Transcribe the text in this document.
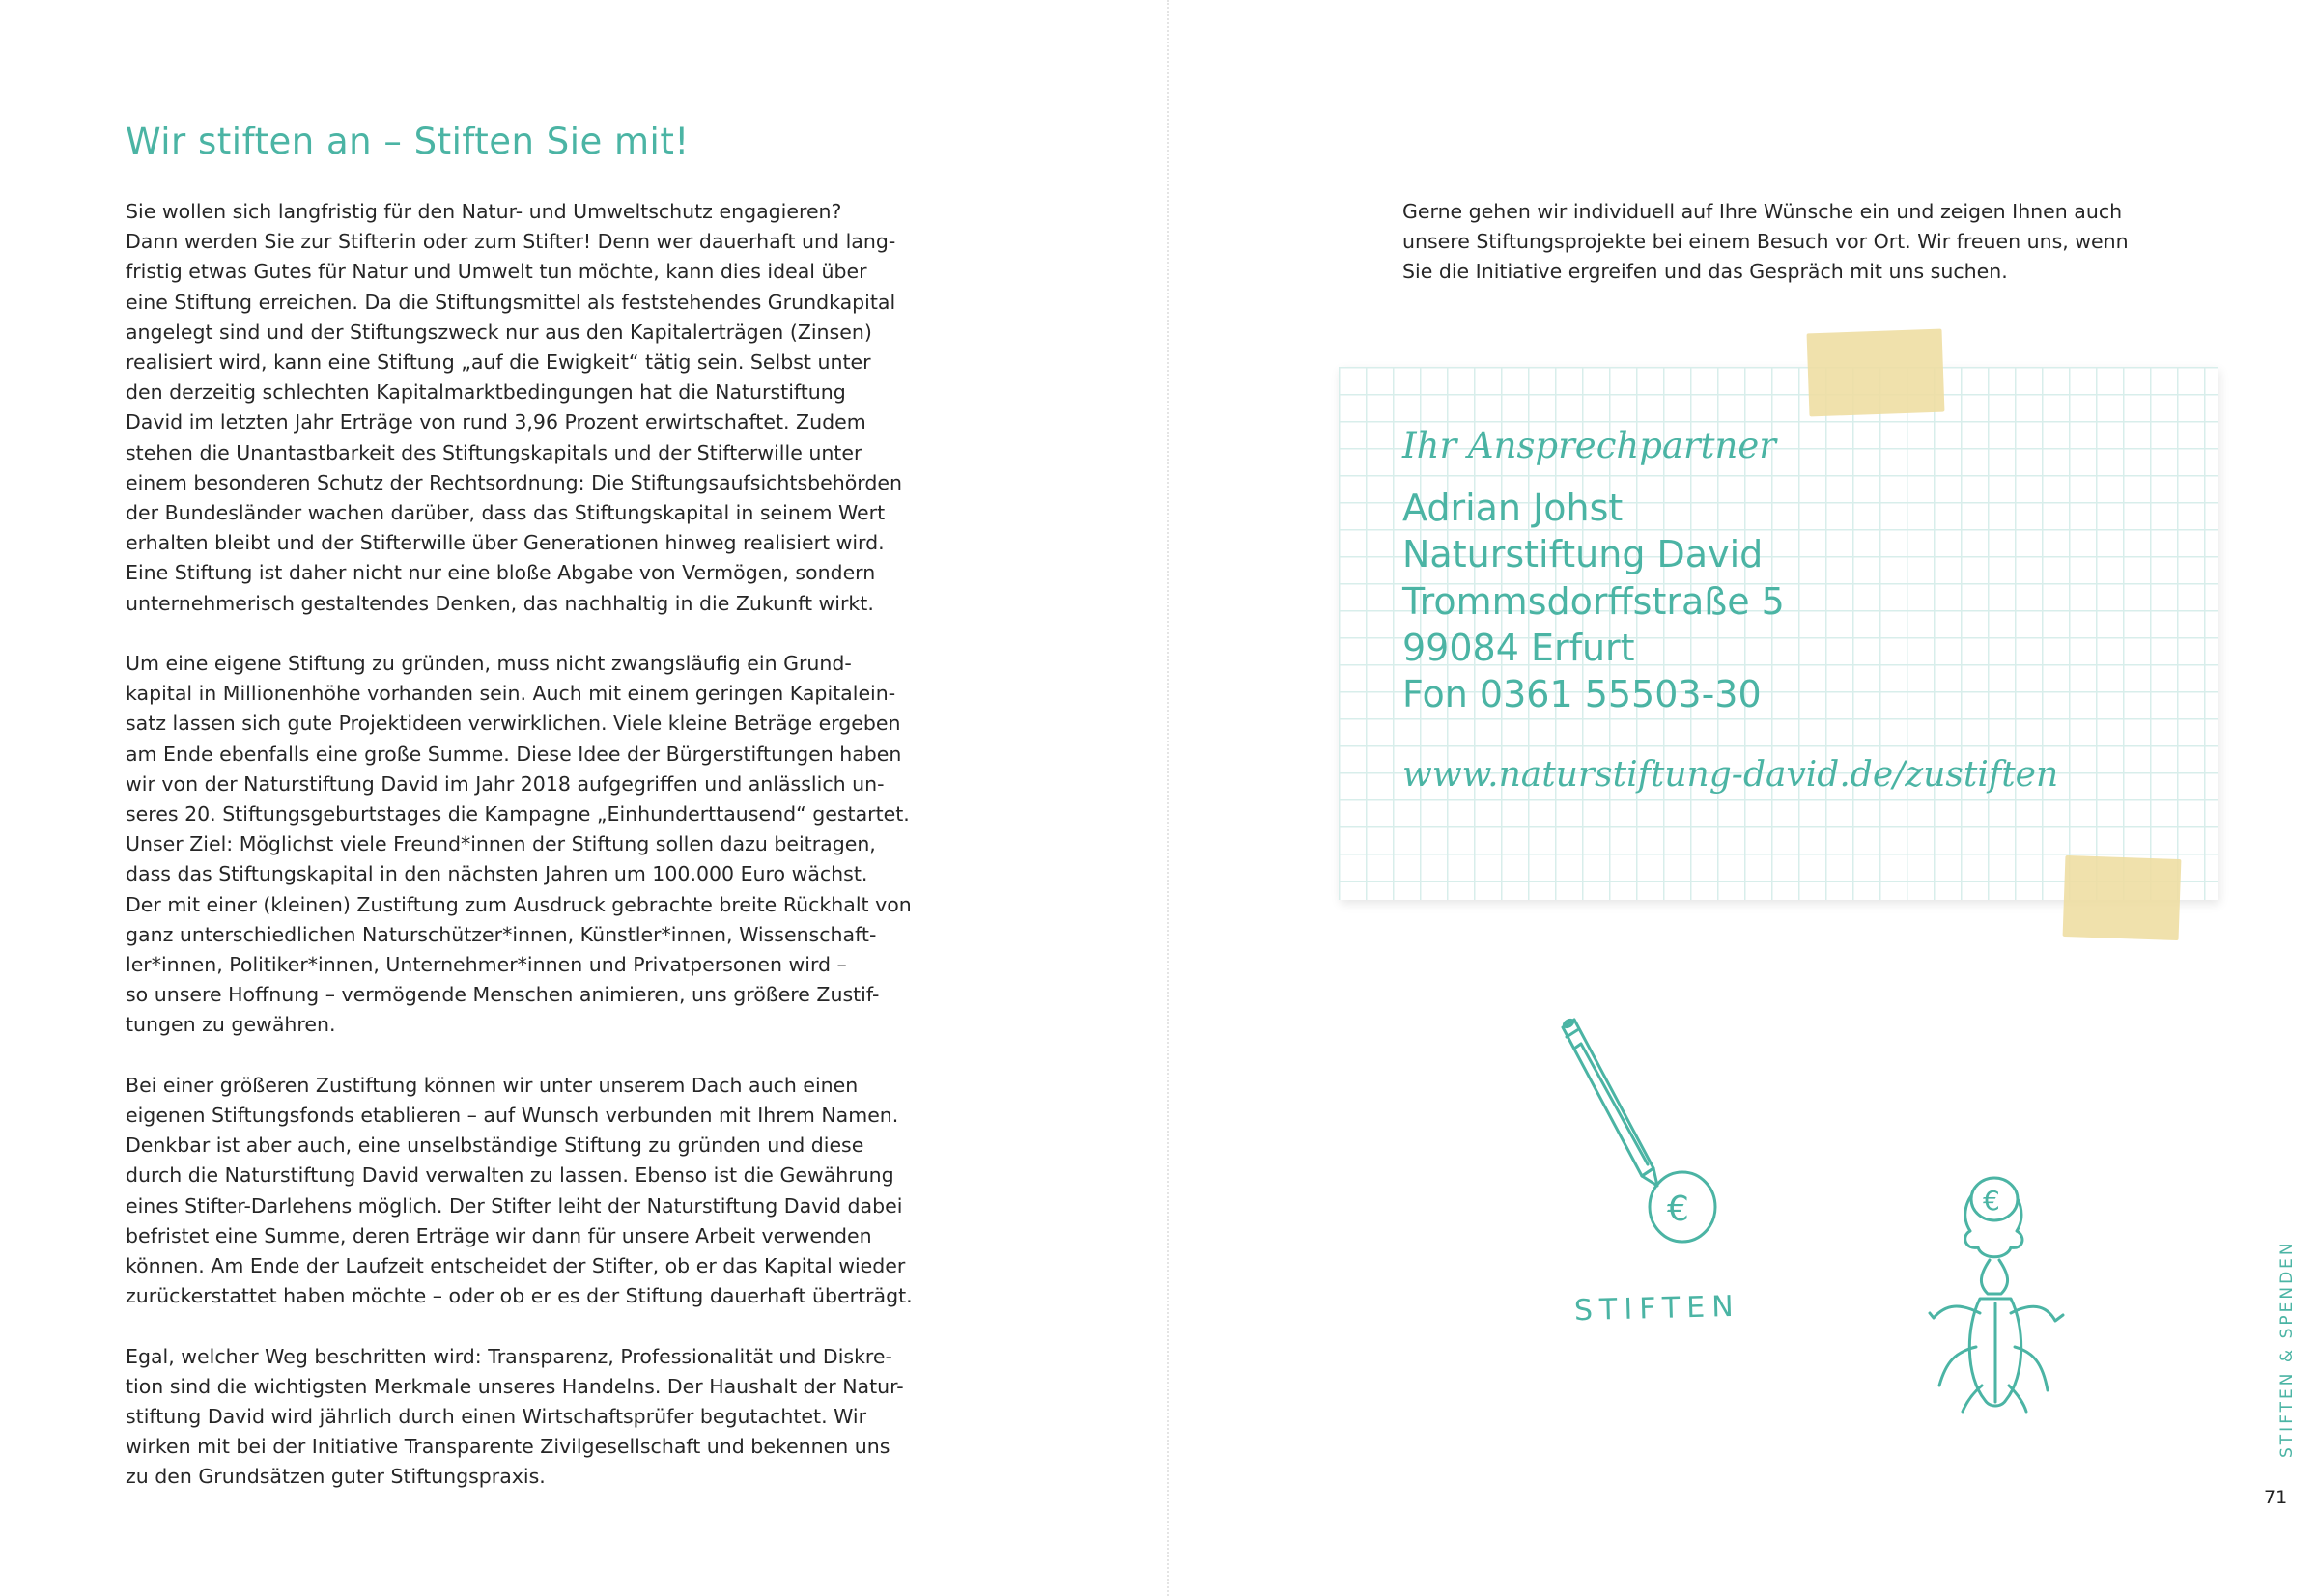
Wir stiften an – Stiften Sie mit!

Sie wollen sich langfristig für den Natur- und Umweltschutz engagieren?
Dann werden Sie zur Stifterin oder zum Stifter! Denn wer dauerhaft und lang-
fristig etwas Gutes für Natur und Umwelt tun möchte, kann dies ideal über
eine Stiftung erreichen. Da die Stiftungsmittel als feststehendes Grundkapital
angelegt sind und der Stiftungszweck nur aus den Kapitalerträgen (Zinsen)
realisiert wird, kann eine Stiftung „auf die Ewigkeit“ tätig sein. Selbst unter
den derzeitig schlechten Kapitalmarktbedingungen hat die Naturstiftung
David im letzten Jahr Erträge von rund 3,96 Prozent erwirtschaftet. Zudem
stehen die Unantastbarkeit des Stiftungskapitals und der Stifterwille unter
einem besonderen Schutz der Rechtsordnung: Die Stiftungsaufsichtsbehörden
der Bundesländer wachen darüber, dass das Stiftungskapital in seinem Wert
erhalten bleibt und der Stifterwille über Generationen hinweg realisiert wird.
Eine Stiftung ist daher nicht nur eine bloße Abgabe von Vermögen, sondern
unternehmerisch gestaltendes Denken, das nachhaltig in die Zukunft wirkt.

Um eine eigene Stiftung zu gründen, muss nicht zwangsläufig ein Grund-
kapital in Millionenhöhe vorhanden sein. Auch mit einem geringen Kapitalein-
satz lassen sich gute Projektideen verwirklichen. Viele kleine Beträge ergeben
am Ende ebenfalls eine große Summe. Diese Idee der Bürgerstiftungen haben
wir von der Naturstiftung David im Jahr 2018 aufgegriffen und anlässlich un-
seres 20. Stiftungsgeburtstages die Kampagne „Einhunderttausend“ gestartet.
Unser Ziel: Möglichst viele Freund*innen der Stiftung sollen dazu beitragen,
dass das Stiftungskapital in den nächsten Jahren um 100.000 Euro wächst.
Der mit einer (kleinen) Zustiftung zum Ausdruck gebrachte breite Rückhalt von
ganz unterschiedlichen Naturschützer*innen, Künstler*innen, Wissenschaft-
ler*innen, Politiker*innen, Unternehmer*innen und Privatpersonen wird –
so unsere Hoffnung – vermögende Menschen animieren, uns größere Zustif-
tungen zu gewähren.

Bei einer größeren Zustiftung können wir unter unserem Dach auch einen
eigenen Stiftungsfonds etablieren – auf Wunsch verbunden mit Ihrem Namen.
Denkbar ist aber auch, eine unselbständige Stiftung zu gründen und diese
durch die Naturstiftung David verwalten zu lassen. Ebenso ist die Gewährung
eines Stifter-Darlehens möglich. Der Stifter leiht der Naturstiftung David dabei
befristet eine Summe, deren Erträge wir dann für unsere Arbeit verwenden
können. Am Ende der Laufzeit entscheidet der Stifter, ob er das Kapital wieder
zurückerstattet haben möchte – oder ob er es der Stiftung dauerhaft überträgt.

Egal, welcher Weg beschritten wird: Transparenz, Professionalität und Diskre-
tion sind die wichtigsten Merkmale unseres Handelns. Der Haushalt der Natur-
stiftung David wird jährlich durch einen Wirtschaftsprüfer begutachtet. Wir
wirken mit bei der Initiative Transparente Zivilgesellschaft und bekennen uns
zu den Grundsätzen guter Stiftungspraxis.

Gerne gehen wir individuell auf Ihre Wünsche ein und zeigen Ihnen auch
unsere Stiftungsprojekte bei einem Besuch vor Ort. Wir freuen uns, wenn
Sie die Initiative ergreifen und das Gespräch mit uns suchen.
Ihr Ansprechpartner
Adrian Johst
Naturstiftung David
Trommsdorffstraße 5
99084 Erfurt
Fon 0361 55503-30
www.naturstiftung-david.de/zustiften
€
STIFTEN
€
STIFTEN & SPENDEN
71
